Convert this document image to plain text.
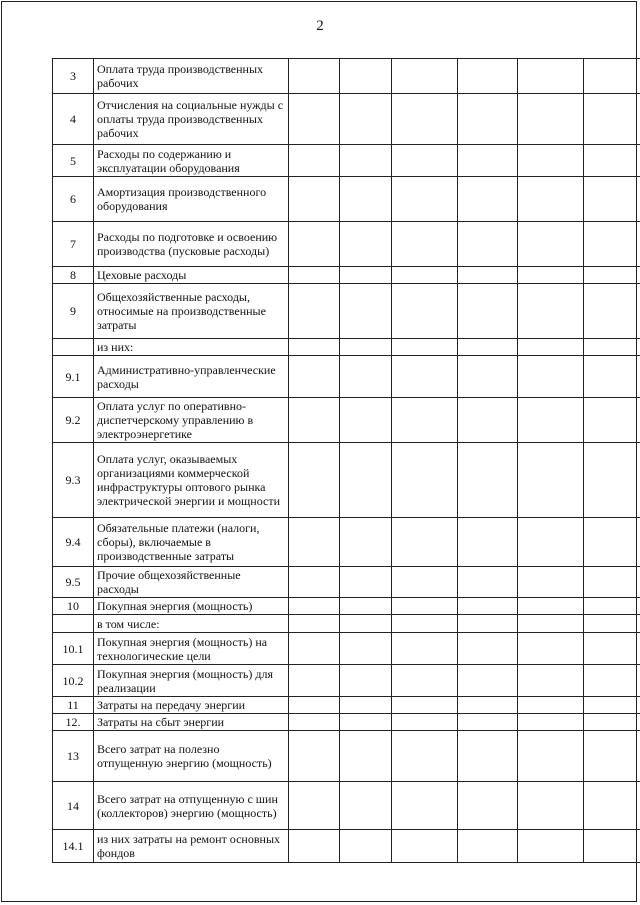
2
3	Оплата труда производственных рабочих						
4	Отчисления на социальные нужды с оплаты труда производственных рабочих						
5	Расходы по содержанию и эксплуатации оборудования						
6	Амортизация производственного оборудования						
7	Расходы по подготовке и освоению производства (пусковые расходы)						
8	Цеховые расходы						
9	Общехозяйственные расходы, относимые на производственные затраты						
	из них:						
9.1	Административно-управленческие расходы						
9.2	Оплата услуг по оперативно-диспетчерскому управлению в электроэнергетике						
9.3	Оплата услуг, оказываемых организациями коммерческой инфраструктуры оптового рынка электрической энергии и мощности						
9.4	Обязательные платежи (налоги, сборы), включаемые в производственные затраты						
9.5	Прочие общехозяйственные расходы						
10	Покупная энергия (мощность)						
	в том числе:						
10.1	Покупная энергия (мощность) на технологические цели						
10.2	Покупная энергия (мощность) для реализации						
11	Затраты на передачу энергии						
12.	Затраты на сбыт энергии						
13	Всего затрат на полезно отпущенную энергию (мощность)						
14	Всего затрат на отпущенную с шин (коллекторов) энергию (мощность)						
14.1	из них затраты на ремонт основных фондов						
